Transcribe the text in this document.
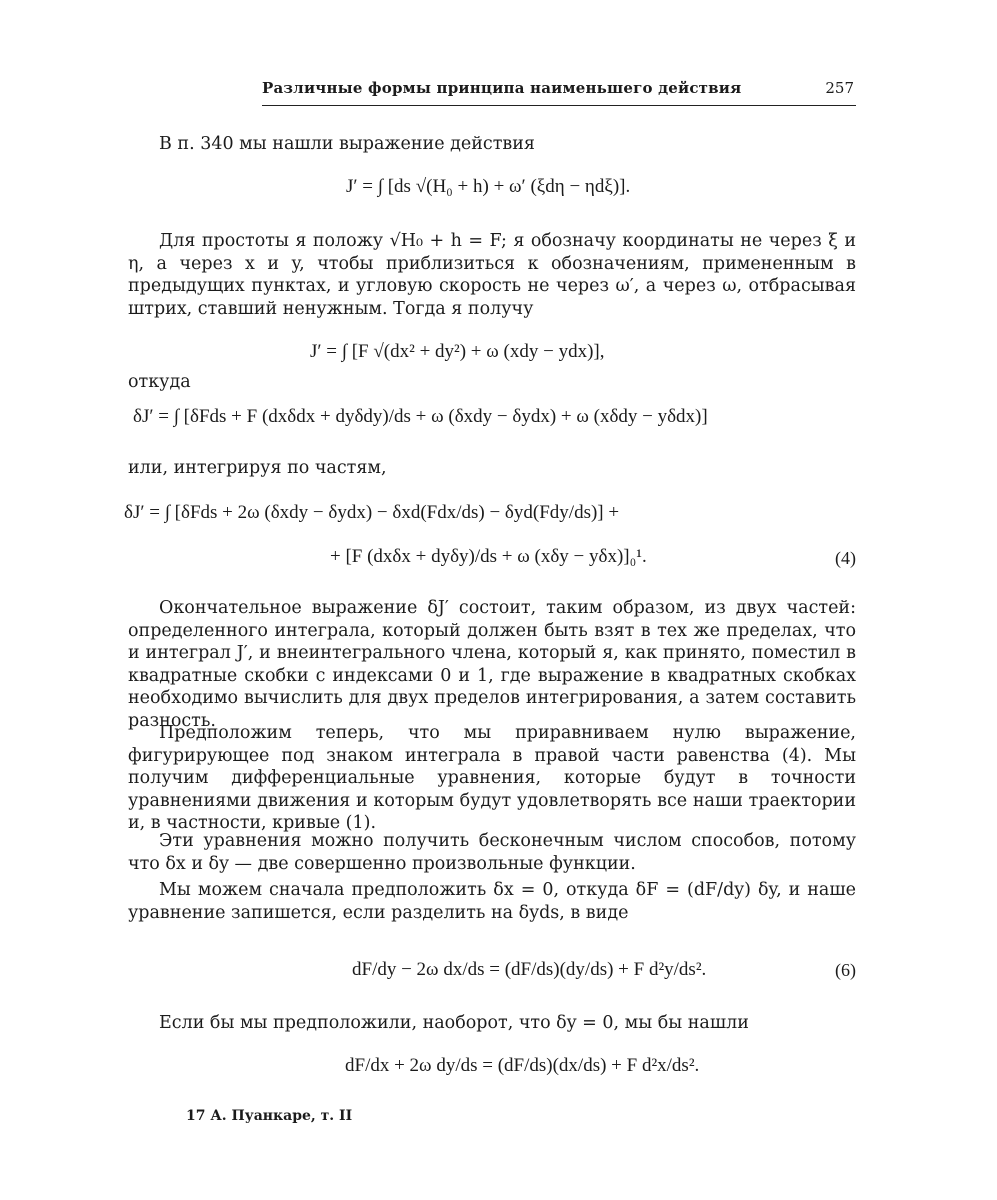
Различные формы принципа наименьшего действия	257

В п. 340 мы нашли выражение действия

J′ = ∫ [ds √(H₀ + h) + ω′ (ξdη − ηdξ)].

Для простоты я положу √H₀ + h = F; я обозначу координаты не через ξ и η, а через x и y, чтобы приблизиться к обозначениям, примененным в предыдущих пунктах, и угловую скорость не через ω′, а через ω, отбрасывая штрих, ставший ненужным. Тогда я получу

J′ = ∫ [F √(dx² + dy²) + ω (xdy − ydx)],

откуда

δJ′ = ∫ [δFds + F (dxδdx + dyδdy)/ds + ω (δxdy − δydx) + ω (xδdy − yδdx)]

или, интегрируя по частям,

δJ′ = ∫ [δFds + 2ω (δxdy − δydx) − δxd(Fdx/ds) − δyd(Fdy/ds)] +
+ [F (dxδx + dyδy)/ds + ω (xδy − yδx)]₀¹.	(4)

Окончательное выражение δJ′ состоит, таким образом, из двух частей: определенного интеграла, который должен быть взят в тех же пределах, что и интеграл J′, и внеинтегрального члена, который я, как принято, поместил в квадратные скобки с индексами 0 и 1, где выражение в квадратных скобках необходимо вычислить для двух пределов интегрирования, а затем составить разность.

Предположим теперь, что мы приравниваем нулю выражение, фигурирующее под знаком интеграла в правой части равенства (4). Мы получим дифференциальные уравнения, которые будут в точности уравнениями движения и которым будут удовлетворять все наши траектории и, в частности, кривые (1).

Эти уравнения можно получить бесконечным числом способов, потому что δx и δy — две совершенно произвольные функции.

Мы можем сначала предположить δx = 0, откуда δF = (dF/dy) δy, и наше уравнение запишется, если разделить на δyds, в виде

dF/dy − 2ω dx/ds = (dF/ds)(dy/ds) + F d²y/ds².	(6)

Если бы мы предположили, наоборот, что δy = 0, мы бы нашли

dF/dx + 2ω dy/ds = (dF/ds)(dx/ds) + F d²x/ds².
17 А. Пуанкаре, т. II
